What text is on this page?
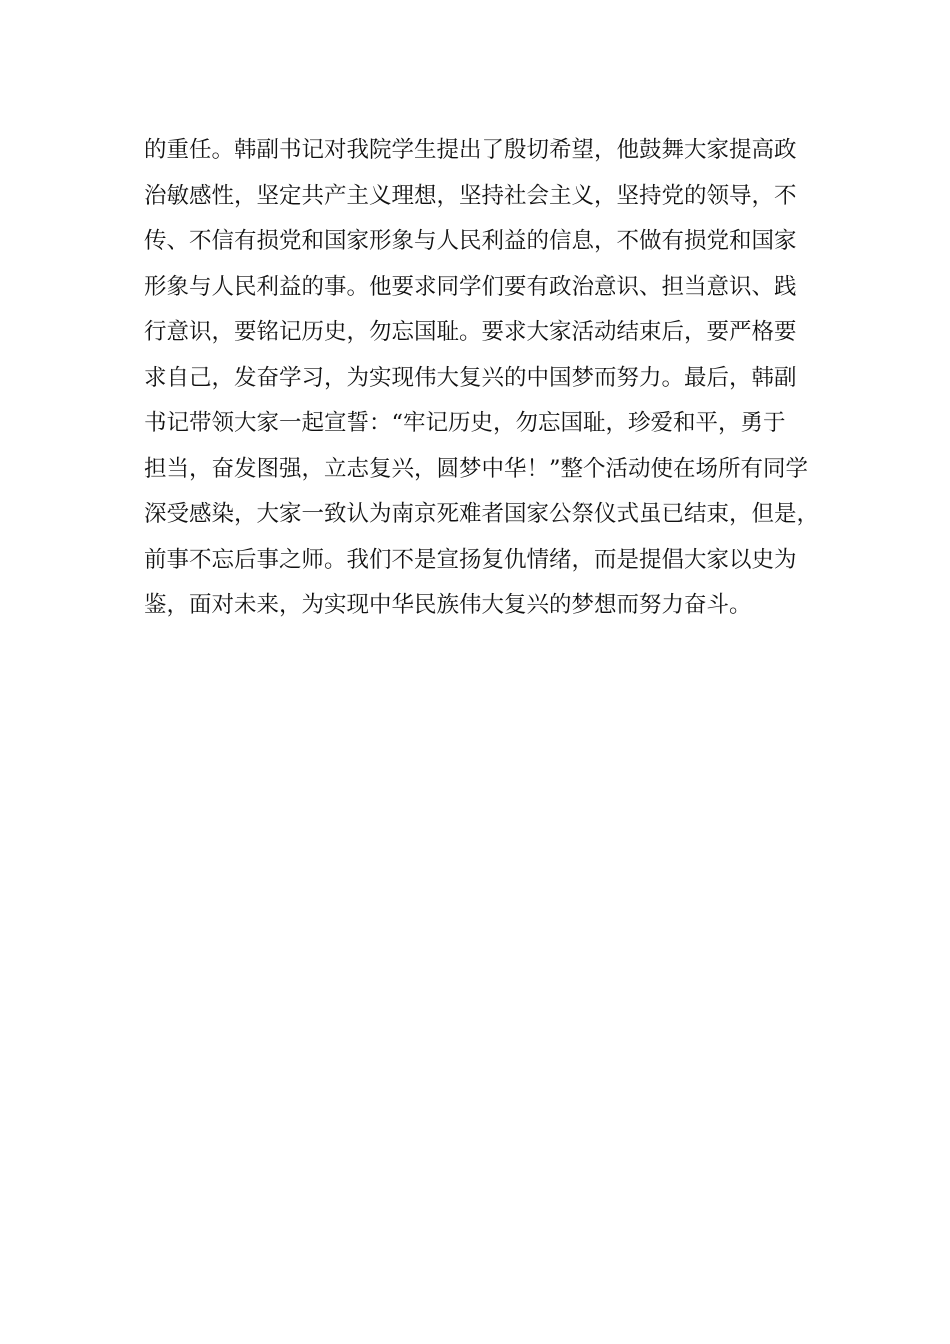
的重任。韩副书记对我院学生提出了殷切希望，他鼓舞大家提高政
治敏感性，坚定共产主义理想，坚持社会主义，坚持党的领导，不
传、不信有损党和国家形象与人民利益的信息，不做有损党和国家
形象与人民利益的事。他要求同学们要有政治意识、担当意识、践
行意识，要铭记历史，勿忘国耻。要求大家活动结束后，要严格要
求自己，发奋学习，为实现伟大复兴的中国梦而努力。最后，韩副
书记带领大家一起宣誓：“牢记历史，勿忘国耻，珍爱和平，勇于
担当，奋发图强，立志复兴，圆梦中华！”整个活动使在场所有同学
深受感染，大家一致认为南京死难者国家公祭仪式虽已结束，但是，
前事不忘后事之师。我们不是宣扬复仇情绪，而是提倡大家以史为
鉴，面对未来，为实现中华民族伟大复兴的梦想而努力奋斗。
